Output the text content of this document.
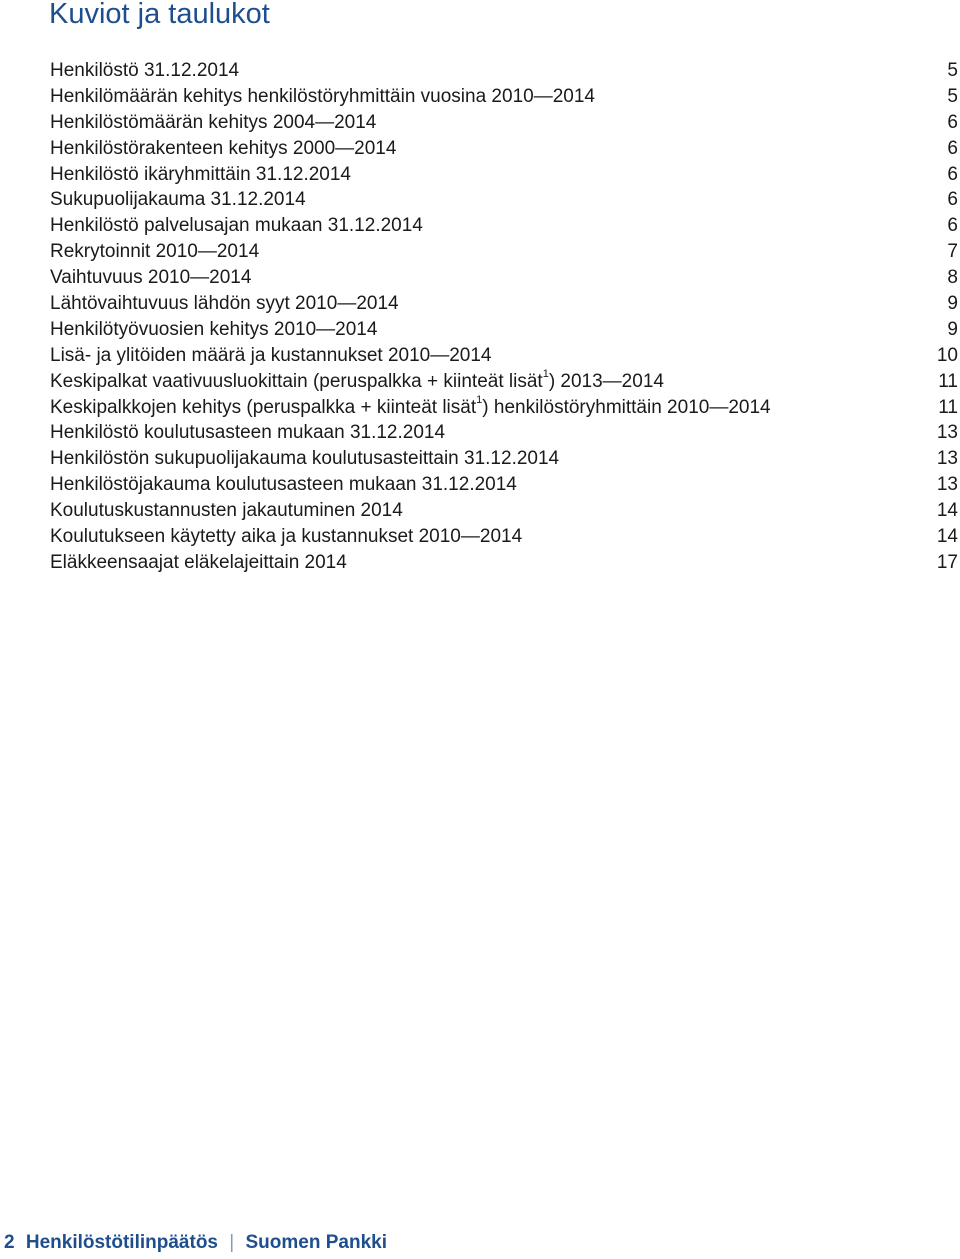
Kuviot ja taulukot
Henkilöstö 31.12.2014	5
Henkilömäärän kehitys henkilöstöryhmittäin vuosina 2010—2014	5
Henkilöstömäärän kehitys 2004—2014	6
Henkilöstörakenteen kehitys 2000—2014	6
Henkilöstö ikäryhmittäin 31.12.2014	6
Sukupuolijakauma 31.12.2014	6
Henkilöstö palvelusajan mukaan 31.12.2014	6
Rekrytoinnit 2010—2014	7
Vaihtuvuus 2010—2014	8
Lähtövaihtuvuus lähdön syyt 2010—2014	9
Henkilötyövuosien kehitys 2010—2014	9
Lisä- ja ylitöiden määrä ja kustannukset 2010—2014	10
Keskipalkat vaativuusluokittain (peruspalkka + kiinteät lisät$^1$) 2013—2014	11
Keskipalkkojen kehitys (peruspalkka + kiinteät lisät$^1$) henkilöstöryhmittäin 2010—2014	11
Henkilöstö koulutusasteen mukaan 31.12.2014	13
Henkilöstön sukupuolijakauma koulutusasteittain 31.12.2014	13
Henkilöstöjakauma koulutusasteen mukaan 31.12.2014	13
Koulutuskustannusten jakautuminen 2014	14
Koulutukseen käytetty aika ja kustannukset 2010—2014	14
Eläkkeensaajat eläkelajeittain 2014	17
2 Henkilöstötilinpäätös | Suomen Pankki
